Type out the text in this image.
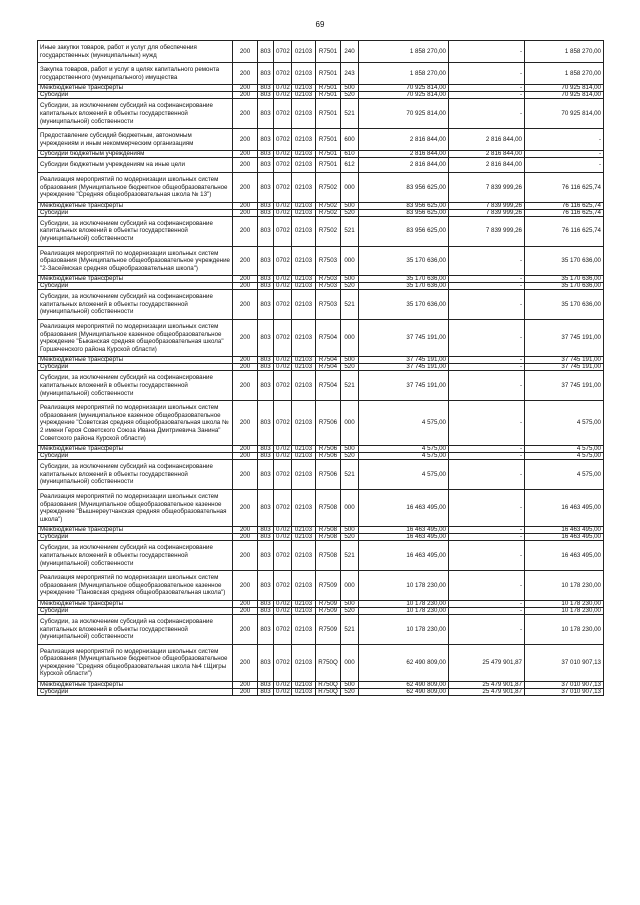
69
Иные закупки товаров, работ и услуг для обеспечения государственных (муниципальных) нужд	200	803	0702	02103	R7501	240	1 858 270,00	-	1 858 270,00
Закупка товаров, работ и услуг в целях капитального ремонта государственного (муниципального) имущества	200	803	0702	02103	R7501	243	1 858 270,00	-	1 858 270,00
Межбюджетные трансферты	200	803	0702	02103	R7501	500	70 925 814,00	-	70 925 814,00
Субсидии	200	803	0702	02103	R7501	520	70 925 814,00	-	70 925 814,00
Субсидии, за исключением субсидий на софинансирование капитальных вложений в объекты государственной (муниципальной) собственности	200	803	0702	02103	R7501	521	70 925 814,00	-	70 925 814,00
Предоставление субсидий бюджетным, автономным учреждениям и иным некоммерческим организациям	200	803	0702	02103	R7501	600	2 816 844,00	2 816 844,00	-
Субсидии бюджетным учреждениям	200	803	0702	02103	R7501	610	2 816 844,00	2 816 844,00	-
Субсидии бюджетным учреждениям на иные цели	200	803	0702	02103	R7501	612	2 816 844,00	2 816 844,00	-
Реализация мероприятий по модернизации школьных систем образования (Муниципальное бюджетное общеобразовательное учреждение "Средняя общеобразовательная школа № 13")	200	803	0702	02103	R7502	000	83 956 625,00	7 839 999,26	76 116 625,74
Межбюджетные трансферты	200	803	0702	02103	R7502	500	83 956 625,00	7 839 999,26	76 116 625,74
Субсидии	200	803	0702	02103	R7502	520	83 956 625,00	7 839 999,26	76 116 625,74
Субсидии, за исключением субсидий на софинансирование капитальных вложений в объекты государственной (муниципальной) собственности	200	803	0702	02103	R7502	521	83 956 625,00	7 839 999,26	76 116 625,74
Реализация мероприятий по модернизации школьных систем образования (Муниципальное общеобразовательное учреждение "2-Засеймская средняя общеобразовательная школа")	200	803	0702	02103	R7503	000	35 170 636,00	-	35 170 636,00
Межбюджетные трансферты	200	803	0702	02103	R7503	500	35 170 636,00	-	35 170 636,00
Субсидии	200	803	0702	02103	R7503	520	35 170 636,00	-	35 170 636,00
Субсидии, за исключением субсидий на софинансирование капитальных вложений в объекты государственной (муниципальной) собственности	200	803	0702	02103	R7503	521	35 170 636,00	-	35 170 636,00
Реализация мероприятий по модернизации школьных систем образования (Муниципальное казенное общеобразовательное учреждение "Быканская средняя общеобразовательная школа" Горшеченского района Курской области)	200	803	0702	02103	R7504	000	37 745 191,00	-	37 745 191,00
Межбюджетные трансферты	200	803	0702	02103	R7504	500	37 745 191,00	-	37 745 191,00
Субсидии	200	803	0702	02103	R7504	520	37 745 191,00	-	37 745 191,00
Субсидии, за исключением субсидий на софинансирование капитальных вложений в объекты государственной (муниципальной) собственности	200	803	0702	02103	R7504	521	37 745 191,00	-	37 745 191,00
Реализация мероприятий по модернизации школьных систем образования (муниципальное казенное общеобразовательное учреждение "Советская средняя общеобразовательная школа № 2 имени Героя Советского Союза Ивана Дмитриевича Занина" Советского района Курской области)	200	803	0702	02103	R7506	000	4 575,00	-	4 575,00
Межбюджетные трансферты	200	803	0702	02103	R7506	500	4 575,00	-	4 575,00
Субсидии	200	803	0702	02103	R7506	520	4 575,00	-	4 575,00
Субсидии, за исключением субсидий на софинансирование капитальных вложений в объекты государственной (муниципальной) собственности	200	803	0702	02103	R7506	521	4 575,00	-	4 575,00
Реализация мероприятий по модернизации школьных систем образования (Муниципальное общеобразовательное казенное учреждение "Вышнереутчанская средняя общеобразовательная школа")	200	803	0702	02103	R7508	000	16 463 495,00	-	16 463 495,00
Межбюджетные трансферты	200	803	0702	02103	R7508	500	16 463 495,00	-	16 463 495,00
Субсидии	200	803	0702	02103	R7508	520	16 463 495,00	-	16 463 495,00
Субсидии, за исключением субсидий на софинансирование капитальных вложений в объекты государственной (муниципальной) собственности	200	803	0702	02103	R7508	521	16 463 495,00	-	16 463 495,00
Реализация мероприятий по модернизации школьных систем образования (Муниципальное общеобразовательное казенное учреждение "Пановская средняя общеобразовательная школа")	200	803	0702	02103	R7509	000	10 178 230,00	-	10 178 230,00
Межбюджетные трансферты	200	803	0702	02103	R7509	500	10 178 230,00	-	10 178 230,00
Субсидии	200	803	0702	02103	R7509	520	10 178 230,00	-	10 178 230,00
Субсидии, за исключением субсидий на софинансирование капитальных вложений в объекты государственной (муниципальной) собственности	200	803	0702	02103	R7509	521	10 178 230,00	-	10 178 230,00
Реализация мероприятий по модернизации школьных систем образования (Муниципальное бюджетное общеобразовательное учреждение "Средняя общеобразовательная школа №4 г.Щигры Курской области")	200	803	0702	02103	R750Q	000	62 490 809,00	25 479 901,87	37 010 907,13
Межбюджетные трансферты	200	803	0702	02103	R750Q	500	62 490 809,00	25 479 901,87	37 010 907,13
Субсидии	200	803	0702	02103	R750Q	520	62 490 809,00	25 479 901,87	37 010 907,13
